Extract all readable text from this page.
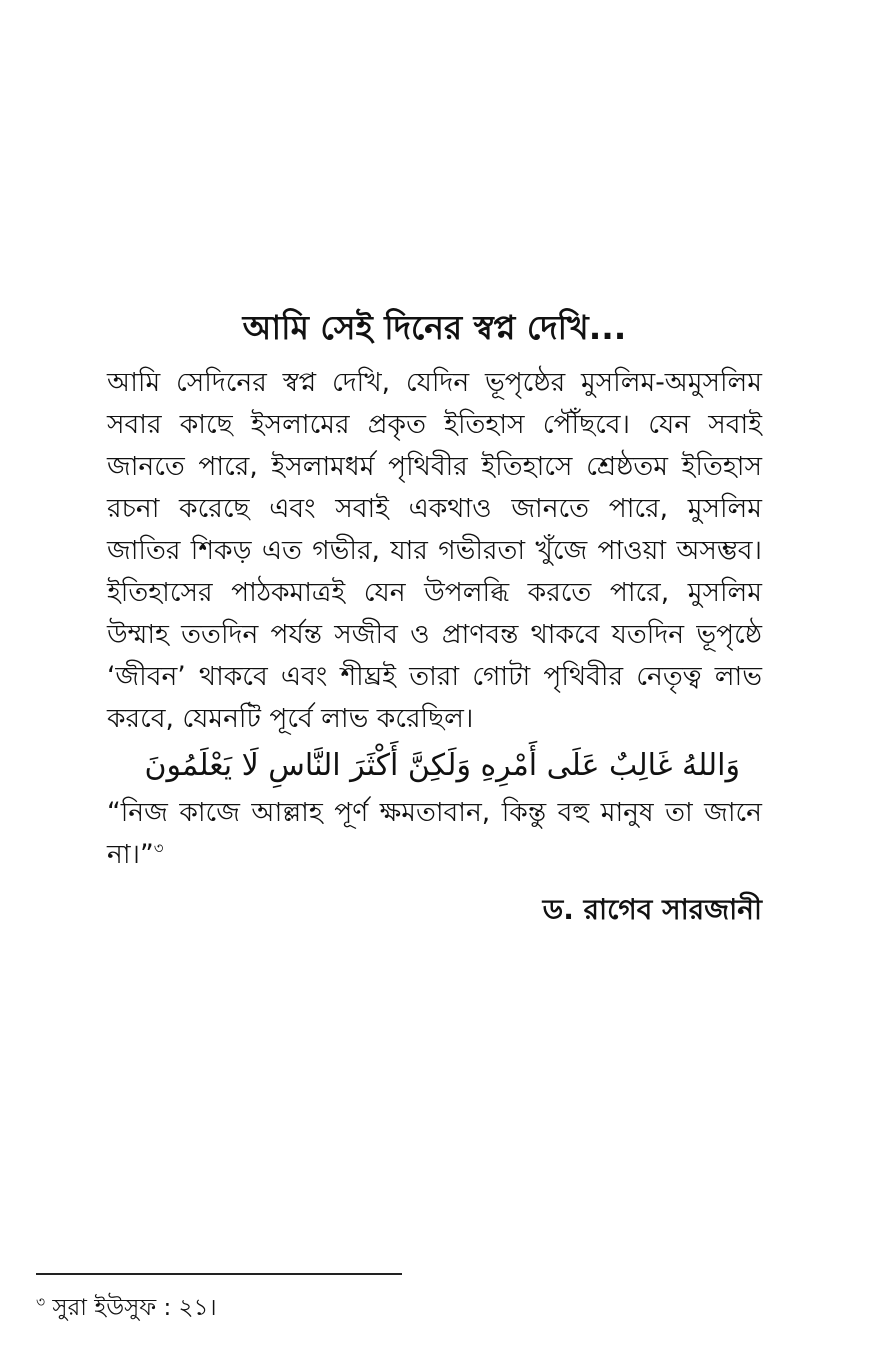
আমি সেই দিনের স্বপ্ন দেখি...
আমি সেদিনের স্বপ্ন দেখি, যেদিন ভূপৃষ্ঠের মুসলিম-অমুসলিম
সবার কাছে ইসলামের প্রকৃত ইতিহাস পৌঁছবে। যেন সবাই
জানতে পারে, ইসলামধর্ম পৃথিবীর ইতিহাসে শ্রেষ্ঠতম ইতিহাস
রচনা করেছে এবং সবাই একথাও জানতে পারে, মুসলিম
জাতির শিকড় এত গভীর, যার গভীরতা খুঁজে পাওয়া অসম্ভব।
ইতিহাসের পাঠকমাত্রই যেন উপলব্ধি করতে পারে, মুসলিম
উম্মাহ ততদিন পর্যন্ত সজীব ও প্রাণবন্ত থাকবে যতদিন ভূপৃষ্ঠে
‘জীবন’ থাকবে এবং শীঘ্রই তারা গোটা পৃথিবীর নেতৃত্ব লাভ
করবে, যেমনটি পূর্বে লাভ করেছিল।
وَاللهُ غَالِبٌ عَلَى أَمْرِهِ وَلَكِنَّ أَكْثَرَ النَّاسِ لَا يَعْلَمُونَ
“নিজ কাজে আল্লাহ পূর্ণ ক্ষমতাবান, কিন্তু বহু মানুষ তা জানে
না।”$^৩$
ড. রাগেব সারজানী
$^৩$ সুরা ইউসুফ : ২১।
